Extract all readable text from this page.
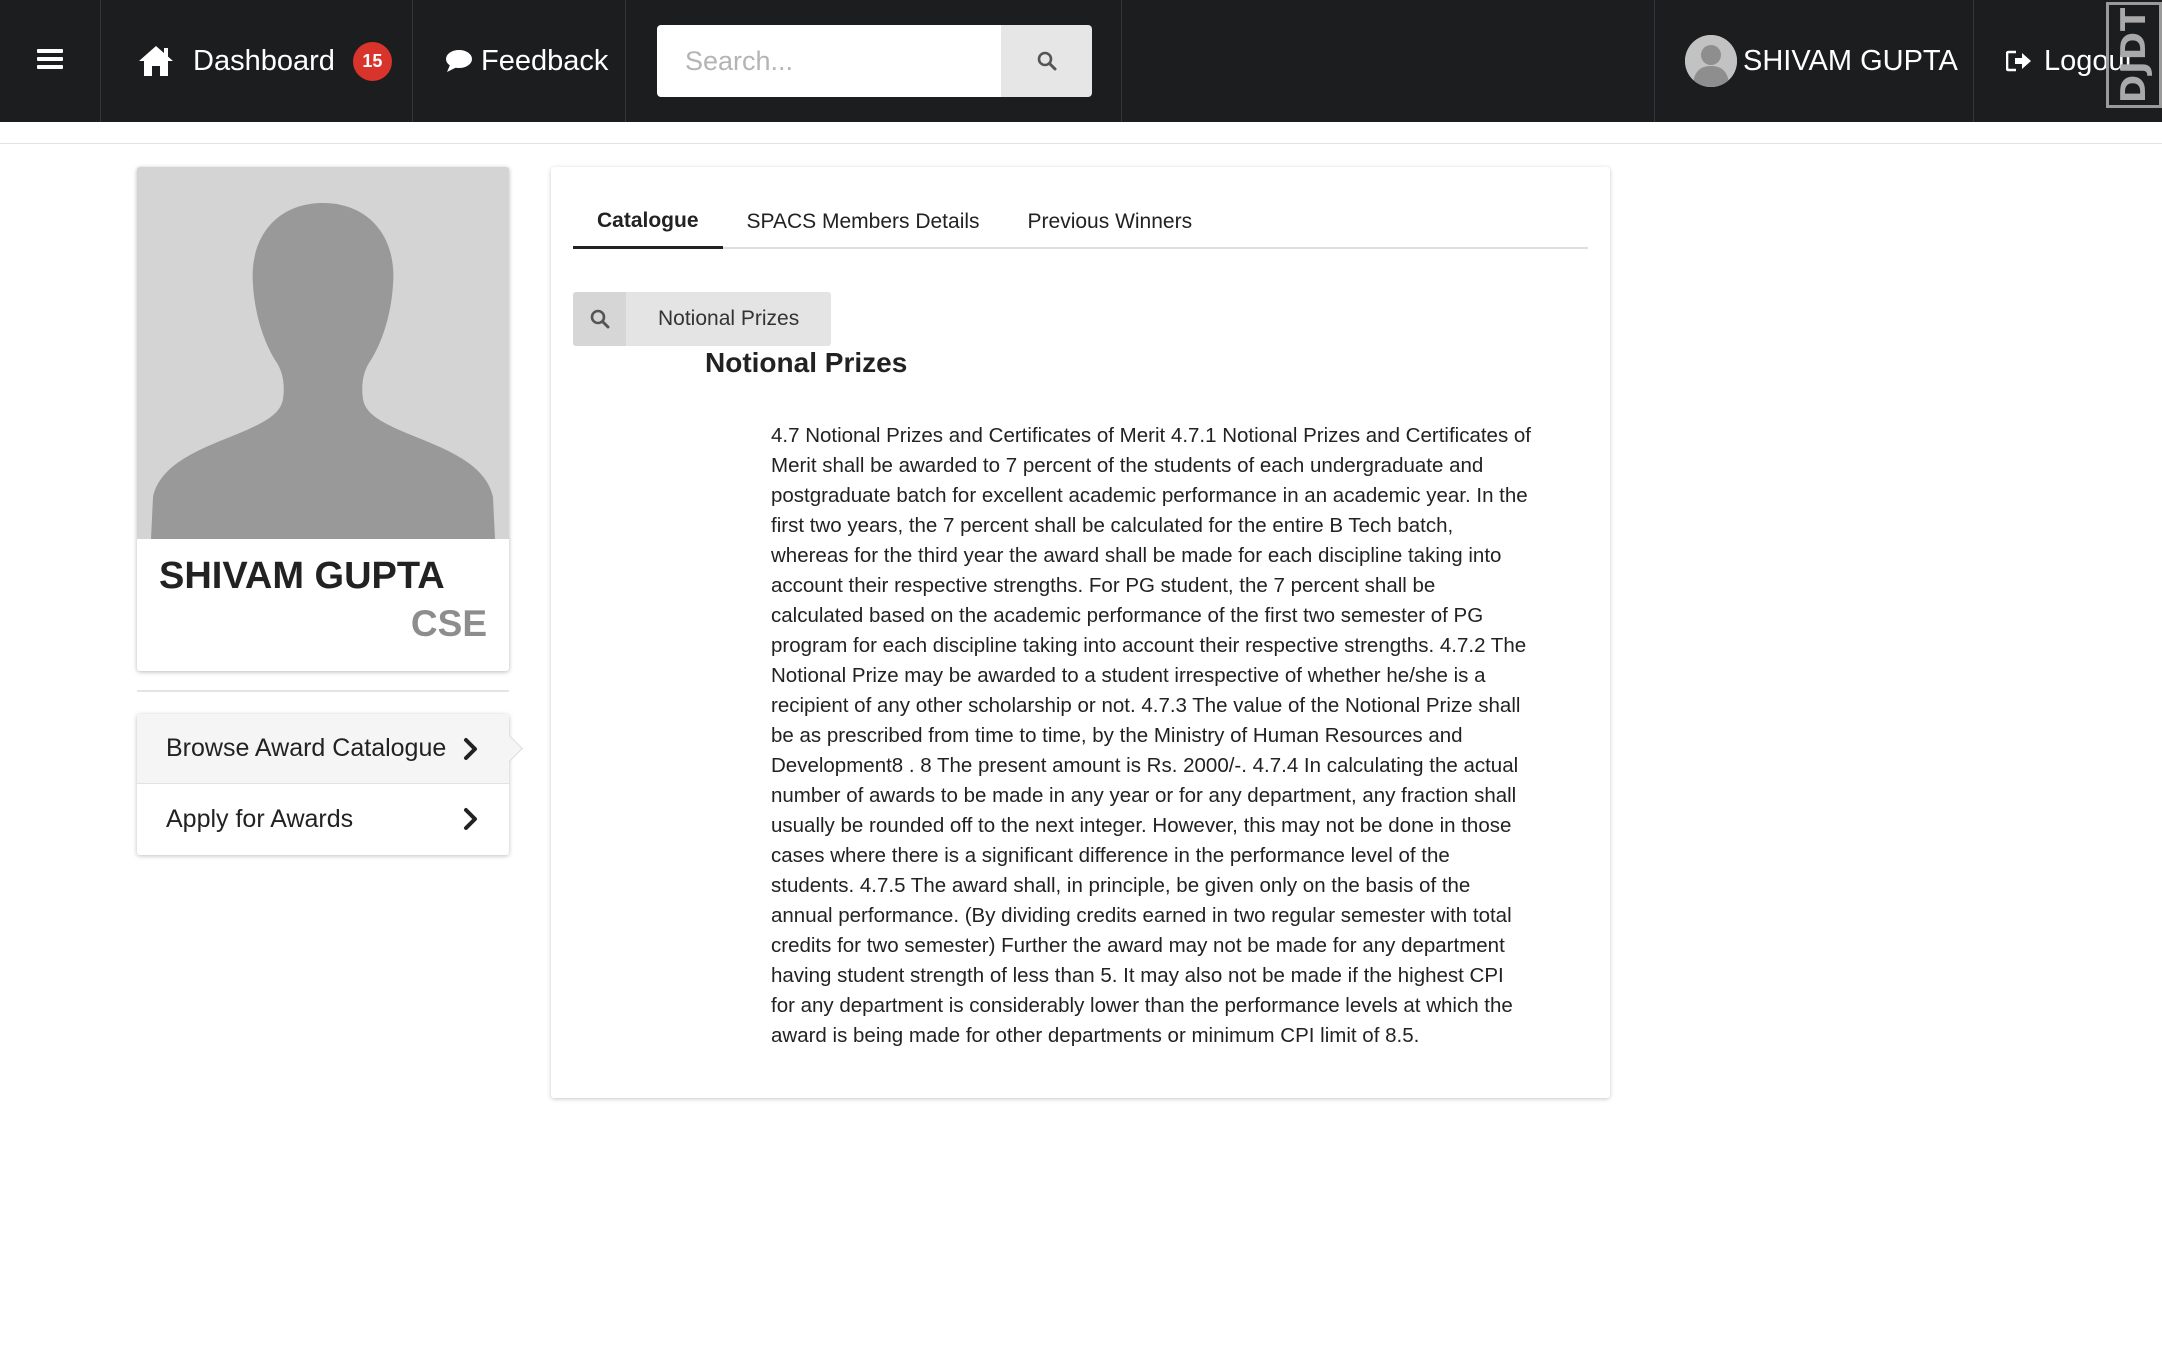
Dashboard	15	Feedback
Search...	SHIVAM GUPTA	Logout
DJDT
SHIVAM GUPTA
CSE
Browse Award Catalogue
Apply for Awards
Catalogue	SPACS Members Details	Previous Winners
Notional Prizes
Notional Prizes
4.7 Notional Prizes and Certificates of Merit 4.7.1 Notional Prizes and Certificates of Merit shall be awarded to 7 percent of the students of each undergraduate and postgraduate batch for excellent academic performance in an academic year. In the first two years, the 7 percent shall be calculated for the entire B Tech batch, whereas for the third year the award shall be made for each discipline taking into account their respective strengths. For PG student, the 7 percent shall be calculated based on the academic performance of the first two semester of PG program for each discipline taking into account their respective strengths. 4.7.2 The Notional Prize may be awarded to a student irrespective of whether he/she is a recipient of any other scholarship or not. 4.7.3 The value of the Notional Prize shall be as prescribed from time to time, by the Ministry of Human Resources and Development8 . 8 The present amount is Rs. 2000/-. 4.7.4 In calculating the actual number of awards to be made in any year or for any department, any fraction shall usually be rounded off to the next integer. However, this may not be done in those cases where there is a significant difference in the performance level of the students. 4.7.5 The award shall, in principle, be given only on the basis of the annual performance. (By dividing credits earned in two regular semester with total credits for two semester) Further the award may not be made for any department having student strength of less than 5. It may also not be made if the highest CPI for any department is considerably lower than the performance levels at which the award is being made for other departments or minimum CPI limit of 8.5.
